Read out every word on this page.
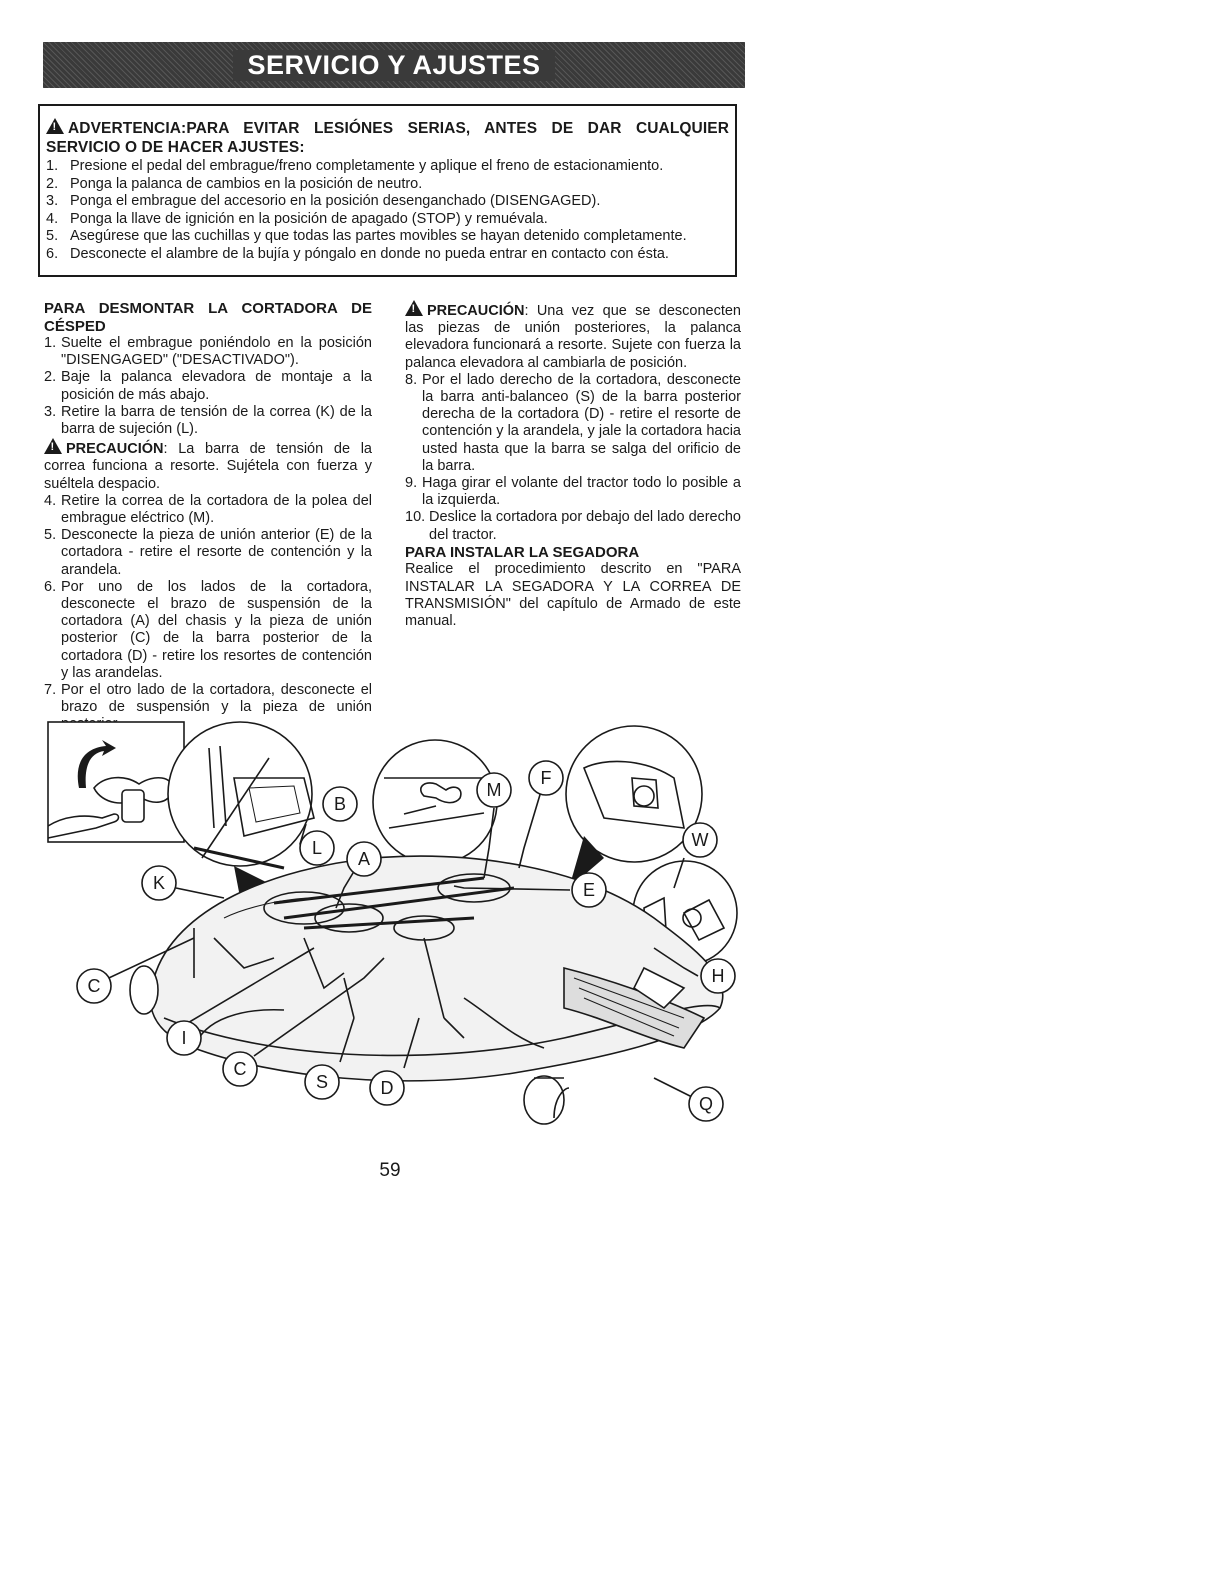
SERVICIO Y AJUSTES

!ADVERTENCIA:PARA EVITAR LESIÓNES SERIAS, ANTES DE DAR CUALQUIER SERVICIO O DE HACER AJUSTES:

1. Presione el pedal del embrague/freno completamente y aplique el freno de estacionamiento.
2. Ponga la palanca de cambios en la posición de neutro.
3. Ponga el embrague del accesorio en la posición desenganchado (DISENGAGED).
4. Ponga la llave de ignición en la posición de apagado (STOP) y remuévala.
5. Asegúrese que las cuchillas y que todas las partes movibles se hayan detenido completamente.
6. Desconecte el alambre de la bujía y póngalo en donde no pueda entrar en contacto con ésta.

PARA DESMONTAR LA CORTADORA DE CÉSPED

1. Suelte el embrague poniéndolo en la posición "DISENGAGED" ("DESACTIVADO").

2. Baje la palanca elevadora de montaje a la posición de más abajo.

3. Retire la barra de tensión de la correa (K) de la barra de sujeción (L).

!PRECAUCIÓN: La barra de tensión de la correa funciona a resorte. Sujétela con fuerza y suéltela despacio.

4. Retire la correa de la cortadora de la polea del embrague eléctrico (M).

5. Desconecte la pieza de unión anterior (E) de la cortadora - retire el resorte de contención y la arandela.

6. Por uno de los lados de la cortadora, desconecte el brazo de suspensión de la cortadora (A) del chasis y la pieza de unión posterior (C) de la barra posterior de la cortadora (D) - retire los resortes de contención y las arandelas.

7. Por el otro lado de la cortadora, desconecte el brazo de suspensión y la pieza de unión

!PRECAUCIÓN: Una vez que se desconecten las piezas de unión posteriores, la palanca elevadora funcionará a resorte. Sujete con fuerza la palanca elevadora al cambiarla de posición.

8. Por el lado derecho de la cortadora, desconecte la barra anti-balanceo (S) de la barra posterior derecha de la cortadora (D) - retire el resorte de contención y la arandela, y jale la cortadora hacia usted hasta que la barra se salga del orificio de la barra.

9. Haga girar el volante del tractor todo lo posible a la izquierda.

10. Deslice la cortadora por debajo del lado derecho del tractor.

PARA INSTALAR LA SEGADORA

Realice el procedimiento descrito en "PARA INSTALAR LA SEGADORA Y LA CORREA DE TRANSMISIÓN" del capítulo de Armado de este manual.

B
L
A
M
F
W
K	E
H
C
I
C
S	D
Q
59
